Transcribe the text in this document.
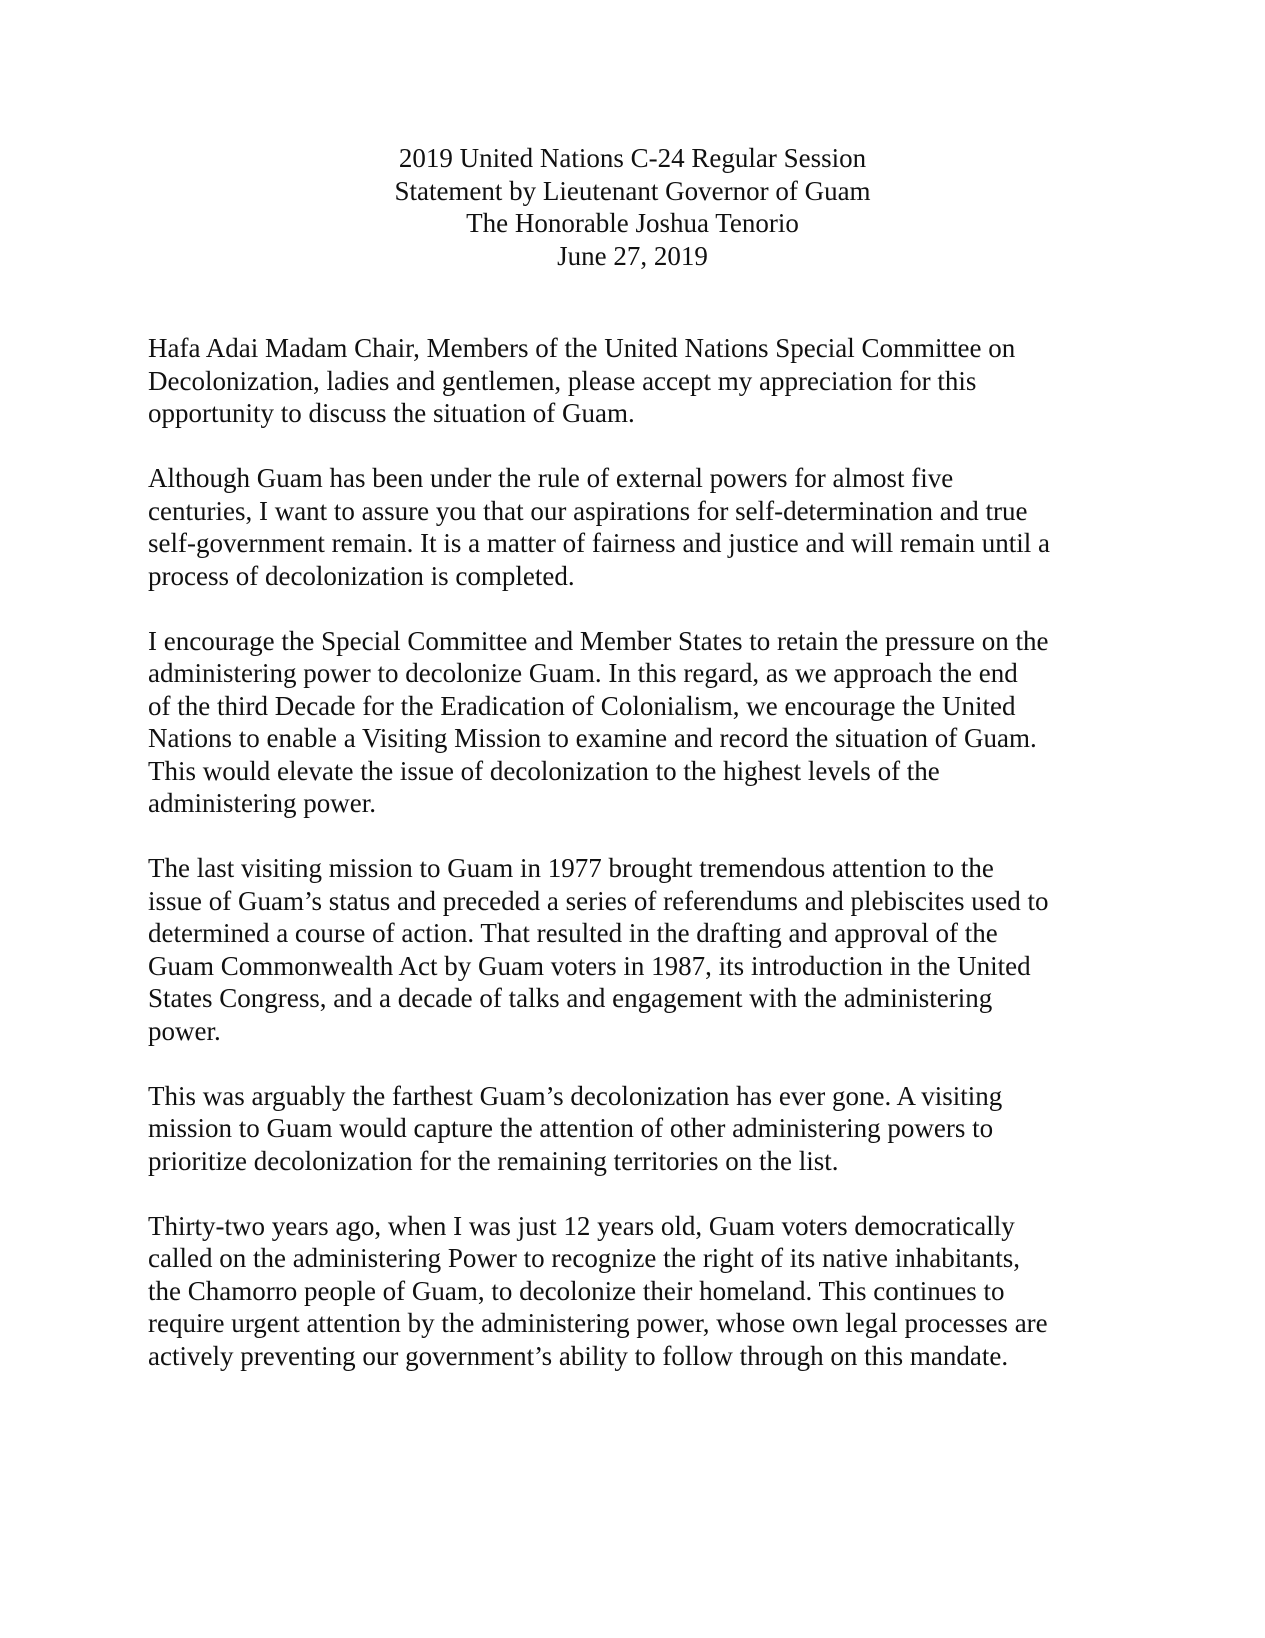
2019 United Nations C-24 Regular Session
Statement by Lieutenant Governor of Guam
The Honorable Joshua Tenorio
June 27, 2019

Hafa Adai Madam Chair, Members of the United Nations Special Committee on
Decolonization, ladies and gentlemen, please accept my appreciation for this
opportunity to discuss the situation of Guam.

Although Guam has been under the rule of external powers for almost five
centuries, I want to assure you that our aspirations for self-determination and true
self-government remain. It is a matter of fairness and justice and will remain until a
process of decolonization is completed.

I encourage the Special Committee and Member States to retain the pressure on the
administering power to decolonize Guam. In this regard, as we approach the end
of the third Decade for the Eradication of Colonialism, we encourage the United
Nations to enable a Visiting Mission to examine and record the situation of Guam.
This would elevate the issue of decolonization to the highest levels of the
administering power.

The last visiting mission to Guam in 1977 brought tremendous attention to the
issue of Guam’s status and preceded a series of referendums and plebiscites used to
determined a course of action. That resulted in the drafting and approval of the
Guam Commonwealth Act by Guam voters in 1987, its introduction in the United
States Congress, and a decade of talks and engagement with the administering
power.

This was arguably the farthest Guam’s decolonization has ever gone. A visiting
mission to Guam would capture the attention of other administering powers to
prioritize decolonization for the remaining territories on the list.

Thirty-two years ago, when I was just 12 years old, Guam voters democratically
called on the administering Power to recognize the right of its native inhabitants,
the Chamorro people of Guam, to decolonize their homeland. This continues to
require urgent attention by the administering power, whose own legal processes are
actively preventing our government’s ability to follow through on this mandate.
